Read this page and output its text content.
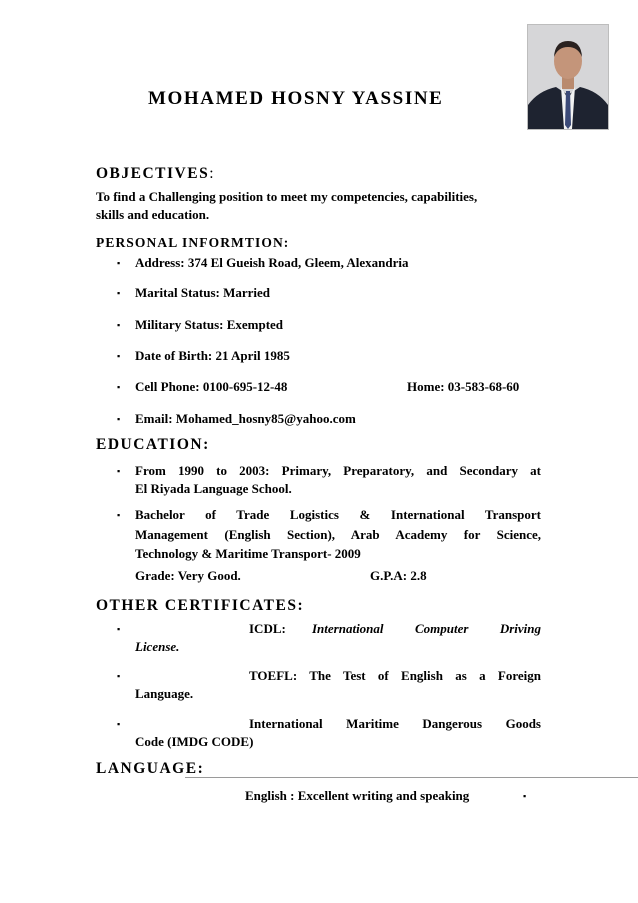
MOHAMED HOSNY YASSINE
OBJECTIVES:
To find a Challenging position to meet my competencies, capabilities,
skills and education.
PERSONAL INFORMTION:
▪ Address: 374 El Gueish Road, Gleem, Alexandria
▪ Marital Status: Married
▪ Military Status: Exempted
▪ Date of Birth: 21 April 1985
▪ Cell Phone: 0100-695-12-48	Home: 03-583-68-60
▪ Email: Mohamed_hosny85@yahoo.com
EDUCATION:
▪ From 1990 to 2003: Primary, Preparatory, and Secondary at
El Riyada Language School.
▪ Bachelor of Trade Logistics & International Transport
Management (English Section), Arab Academy for Science,
Technology & Maritime Transport- 2009
Grade: Very Good.	G.P.A: 2.8
OTHER CERTIFICATES:
▪	ICDL: International Computer Driving
License.
▪	TOEFL: The Test of English as a Foreign
Language.
▪	International Maritime Dangerous Goods
Code (IMDG CODE)
LANGUAGE:
English : Excellent writing and speaking	▪
